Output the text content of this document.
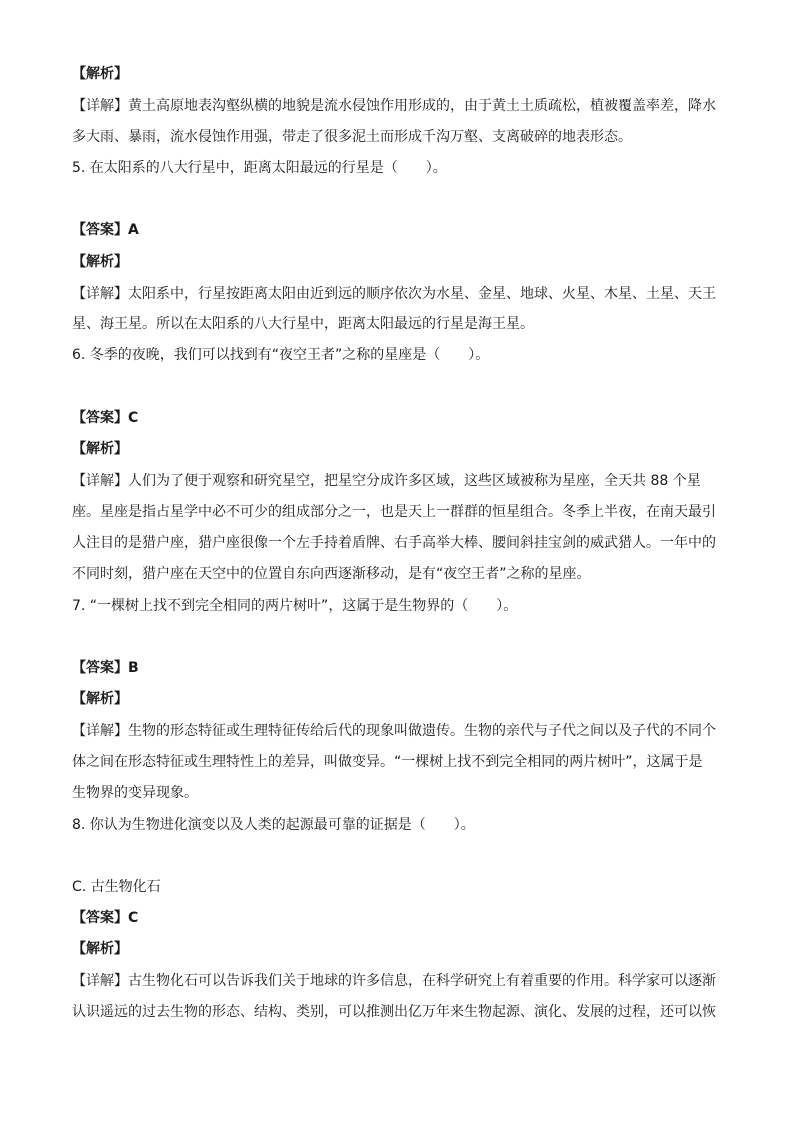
【解析】
【详解】黄土高原地表沟壑纵横的地貌是流水侵蚀作用形成的，由于黄土土质疏松，植被覆盖率差，降水
多大雨、暴雨，流水侵蚀作用强，带走了很多泥土而形成千沟万壑、支离破碎的地表形态。
5. 在太阳系的八大行星中，距离太阳最远的行星是（　　）。
【答案】A
【解析】
【详解】太阳系中，行星按距离太阳由近到远的顺序依次为水星、金星、地球、火星、木星、土星、天王
星、海王星。所以在太阳系的八大行星中，距离太阳最远的行星是海王星。
6. 冬季的夜晚，我们可以找到有“夜空王者”之称的星座是（　　）。
【答案】C
【解析】
【详解】人们为了便于观察和研究星空，把星空分成许多区域，这些区域被称为星座，全天共 88 个星
座。星座是指占星学中必不可少的组成部分之一，也是天上一群群的恒星组合。冬季上半夜，在南天最引
人注目的是猎户座，猎户座很像一个左手持着盾牌、右手高举大棒、腰间斜挂宝剑的威武猎人。一年中的
不同时刻，猎户座在天空中的位置自东向西逐渐移动，是有“夜空王者”之称的星座。
7. “一棵树上找不到完全相同的两片树叶”，这属于是生物界的（　　）。
【答案】B
【解析】
【详解】生物的形态特征或生理特征传给后代的现象叫做遗传。生物的亲代与子代之间以及子代的不同个
体之间在形态特征或生理特性上的差异，叫做变异。“一棵树上找不到完全相同的两片树叶”，这属于是
生物界的变异现象。
8. 你认为生物进化演变以及人类的起源最可靠的证据是（　　）。
C. 古生物化石
【答案】C
【解析】
【详解】古生物化石可以告诉我们关于地球的许多信息，在科学研究上有着重要的作用。科学家可以逐渐
认识遥远的过去生物的形态、结构、类别，可以推测出亿万年来生物起源、演化、发展的过程，还可以恢
